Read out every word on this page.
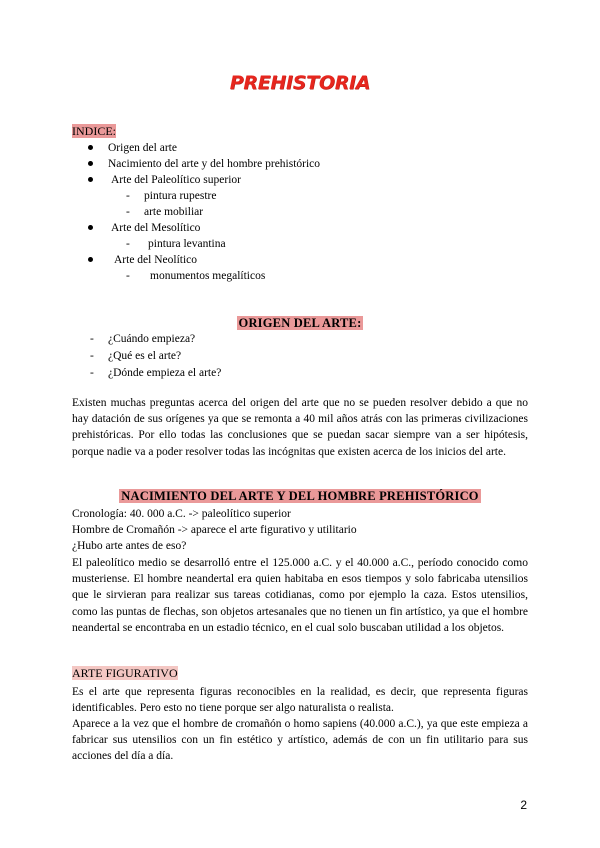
PREHISTORIA
INDICE:
Origen del arte
Nacimiento del arte y del hombre prehistórico
Arte del Paleolítico superior
- pintura rupestre
- arte mobiliar
Arte del Mesolítico
- pintura levantina
Arte del Neolítico
- monumentos megalíticos
ORIGEN DEL ARTE:
- ¿Cuándo empieza?
- ¿Qué es el arte?
- ¿Dónde empieza el arte?
Existen muchas preguntas acerca del origen del arte que no se pueden resolver debido a que no hay datación de sus orígenes ya que se remonta a 40 mil años atrás con las primeras civilizaciones prehistóricas. Por ello todas las conclusiones que se puedan sacar siempre van a ser hipótesis, porque nadie va a poder resolver todas las incógnitas que existen acerca de los inicios del arte.
NACIMIENTO DEL ARTE Y DEL HOMBRE PREHISTÓRICO
Cronología: 40. 000 a.C. -> paleolítico superior
Hombre de Cromañón -> aparece el arte figurativo y utilitario
¿Hubo arte antes de eso?
El paleolítico medio se desarrolló entre el 125.000 a.C. y el 40.000 a.C., período conocido como musteriense. El hombre neandertal era quien habitaba en esos tiempos y solo fabricaba utensilios que le sirvieran para realizar sus tareas cotidianas, como por ejemplo la caza. Estos utensilios, como las puntas de flechas, son objetos artesanales que no tienen un fin artístico, ya que el hombre neandertal se encontraba en un estadio técnico, en el cual solo buscaban utilidad a los objetos.
ARTE FIGURATIVO
Es el arte que representa figuras reconocibles en la realidad, es decir, que representa figuras identificables. Pero esto no tiene porque ser algo naturalista o realista.
Aparece a la vez que el hombre de cromañón o homo sapiens (40.000 a.C.), ya que este empieza a fabricar sus utensilios con un fin estético y artístico, además de con un fin utilitario para sus acciones del día a día.
2
